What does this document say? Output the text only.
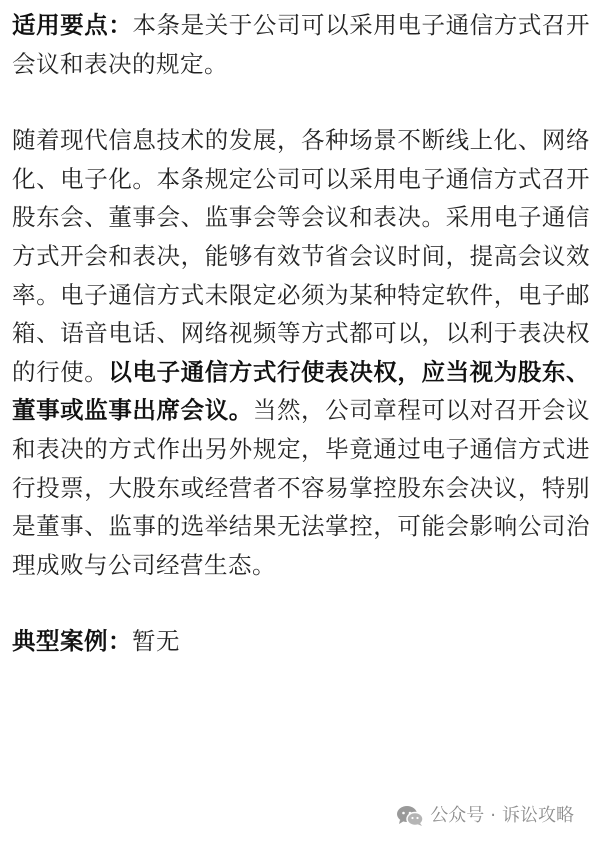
适用要点：本条是关于公司可以采用电子通信方式召开会议和表决的规定。

随着现代信息技术的发展，各种场景不断线上化、网络化、电子化。本条规定公司可以采用电子通信方式召开股东会、董事会、监事会等会议和表决。采用电子通信方式开会和表决，能够有效节省会议时间，提高会议效率。电子通信方式未限定必须为某种特定软件，电子邮箱、语音电话、网络视频等方式都可以，以利于表决权的行使。以电子通信方式行使表决权，应当视为股东、董事或监事出席会议。当然，公司章程可以对召开会议和表决的方式作出另外规定，毕竟通过电子通信方式进行投票，大股东或经营者不容易掌控股东会决议，特别是董事、监事的选举结果无法掌控，可能会影响公司治理成败与公司经营生态。

典型案例：暂无

公众号 · 诉讼攻略
